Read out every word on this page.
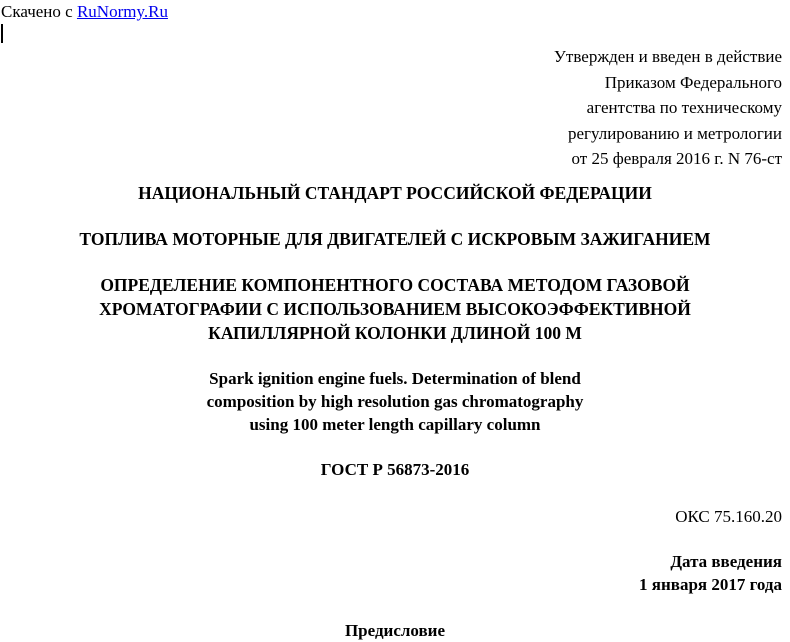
Скачено с RuNormy.Ru
Утвержден и введен в действие
Приказом Федерального
агентства по техническому
регулированию и метрологии
от 25 февраля 2016 г. N 76-ст
НАЦИОНАЛЬНЫЙ СТАНДАРТ РОССИЙСКОЙ ФЕДЕРАЦИИ
ТОПЛИВА МОТОРНЫЕ ДЛЯ ДВИГАТЕЛЕЙ С ИСКРОВЫМ ЗАЖИГАНИЕМ
ОПРЕДЕЛЕНИЕ КОМПОНЕНТНОГО СОСТАВА МЕТОДОМ ГАЗОВОЙ
ХРОМАТОГРАФИИ С ИСПОЛЬЗОВАНИЕМ ВЫСОКОЭФФЕКТИВНОЙ
КАПИЛЛЯРНОЙ КОЛОНКИ ДЛИНОЙ 100 М
Spark ignition engine fuels. Determination of blend
composition by high resolution gas chromatography
using 100 meter length capillary column
ГОСТ Р 56873-2016
ОКС 75.160.20
Дата введения
1 января 2017 года
Предисловие
